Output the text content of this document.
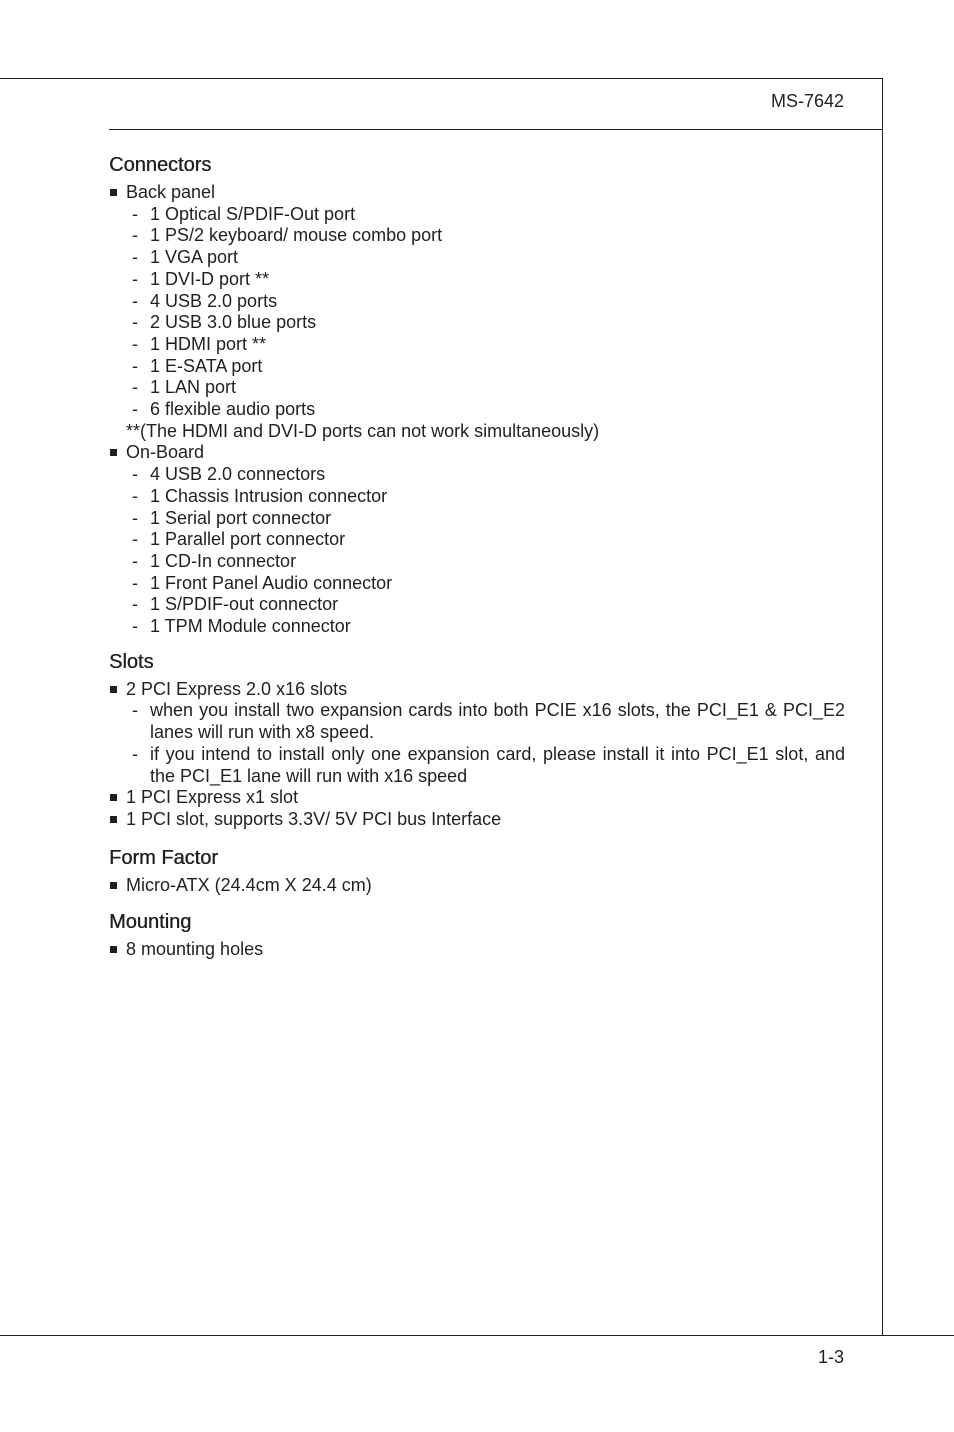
MS-7642
1-3
Connectors
Back panel
- 1 Optical S/PDIF-Out port
- 1 PS/2 keyboard/ mouse combo port
- 1 VGA port
- 1 DVI-D port **
- 4 USB 2.0 ports
- 2 USB 3.0 blue ports
- 1 HDMI port **
- 1 E-SATA port
- 1 LAN port
- 6 flexible audio ports
**(The HDMI and DVI-D ports can not work simultaneously)
On-Board
- 4 USB 2.0 connectors
- 1 Chassis Intrusion connector
- 1 Serial port connector
- 1 Parallel port connector
- 1 CD-In connector
- 1 Front Panel Audio connector
- 1 S/PDIF-out connector
- 1 TPM Module connector
Slots
2 PCI Express 2.0 x16 slots
- when you install two expansion cards into both PCIE x16 slots, the PCI_E1 & PCI_E2 lanes will run with x8 speed.
- if you intend to install only one expansion card, please install it into PCI_E1 slot, and the PCI_E1 lane will run with x16 speed
1 PCI Express x1 slot
1 PCI slot, supports 3.3V/ 5V PCI bus Interface
Form Factor
Micro-ATX (24.4cm X 24.4 cm)
Mounting
8 mounting holes
